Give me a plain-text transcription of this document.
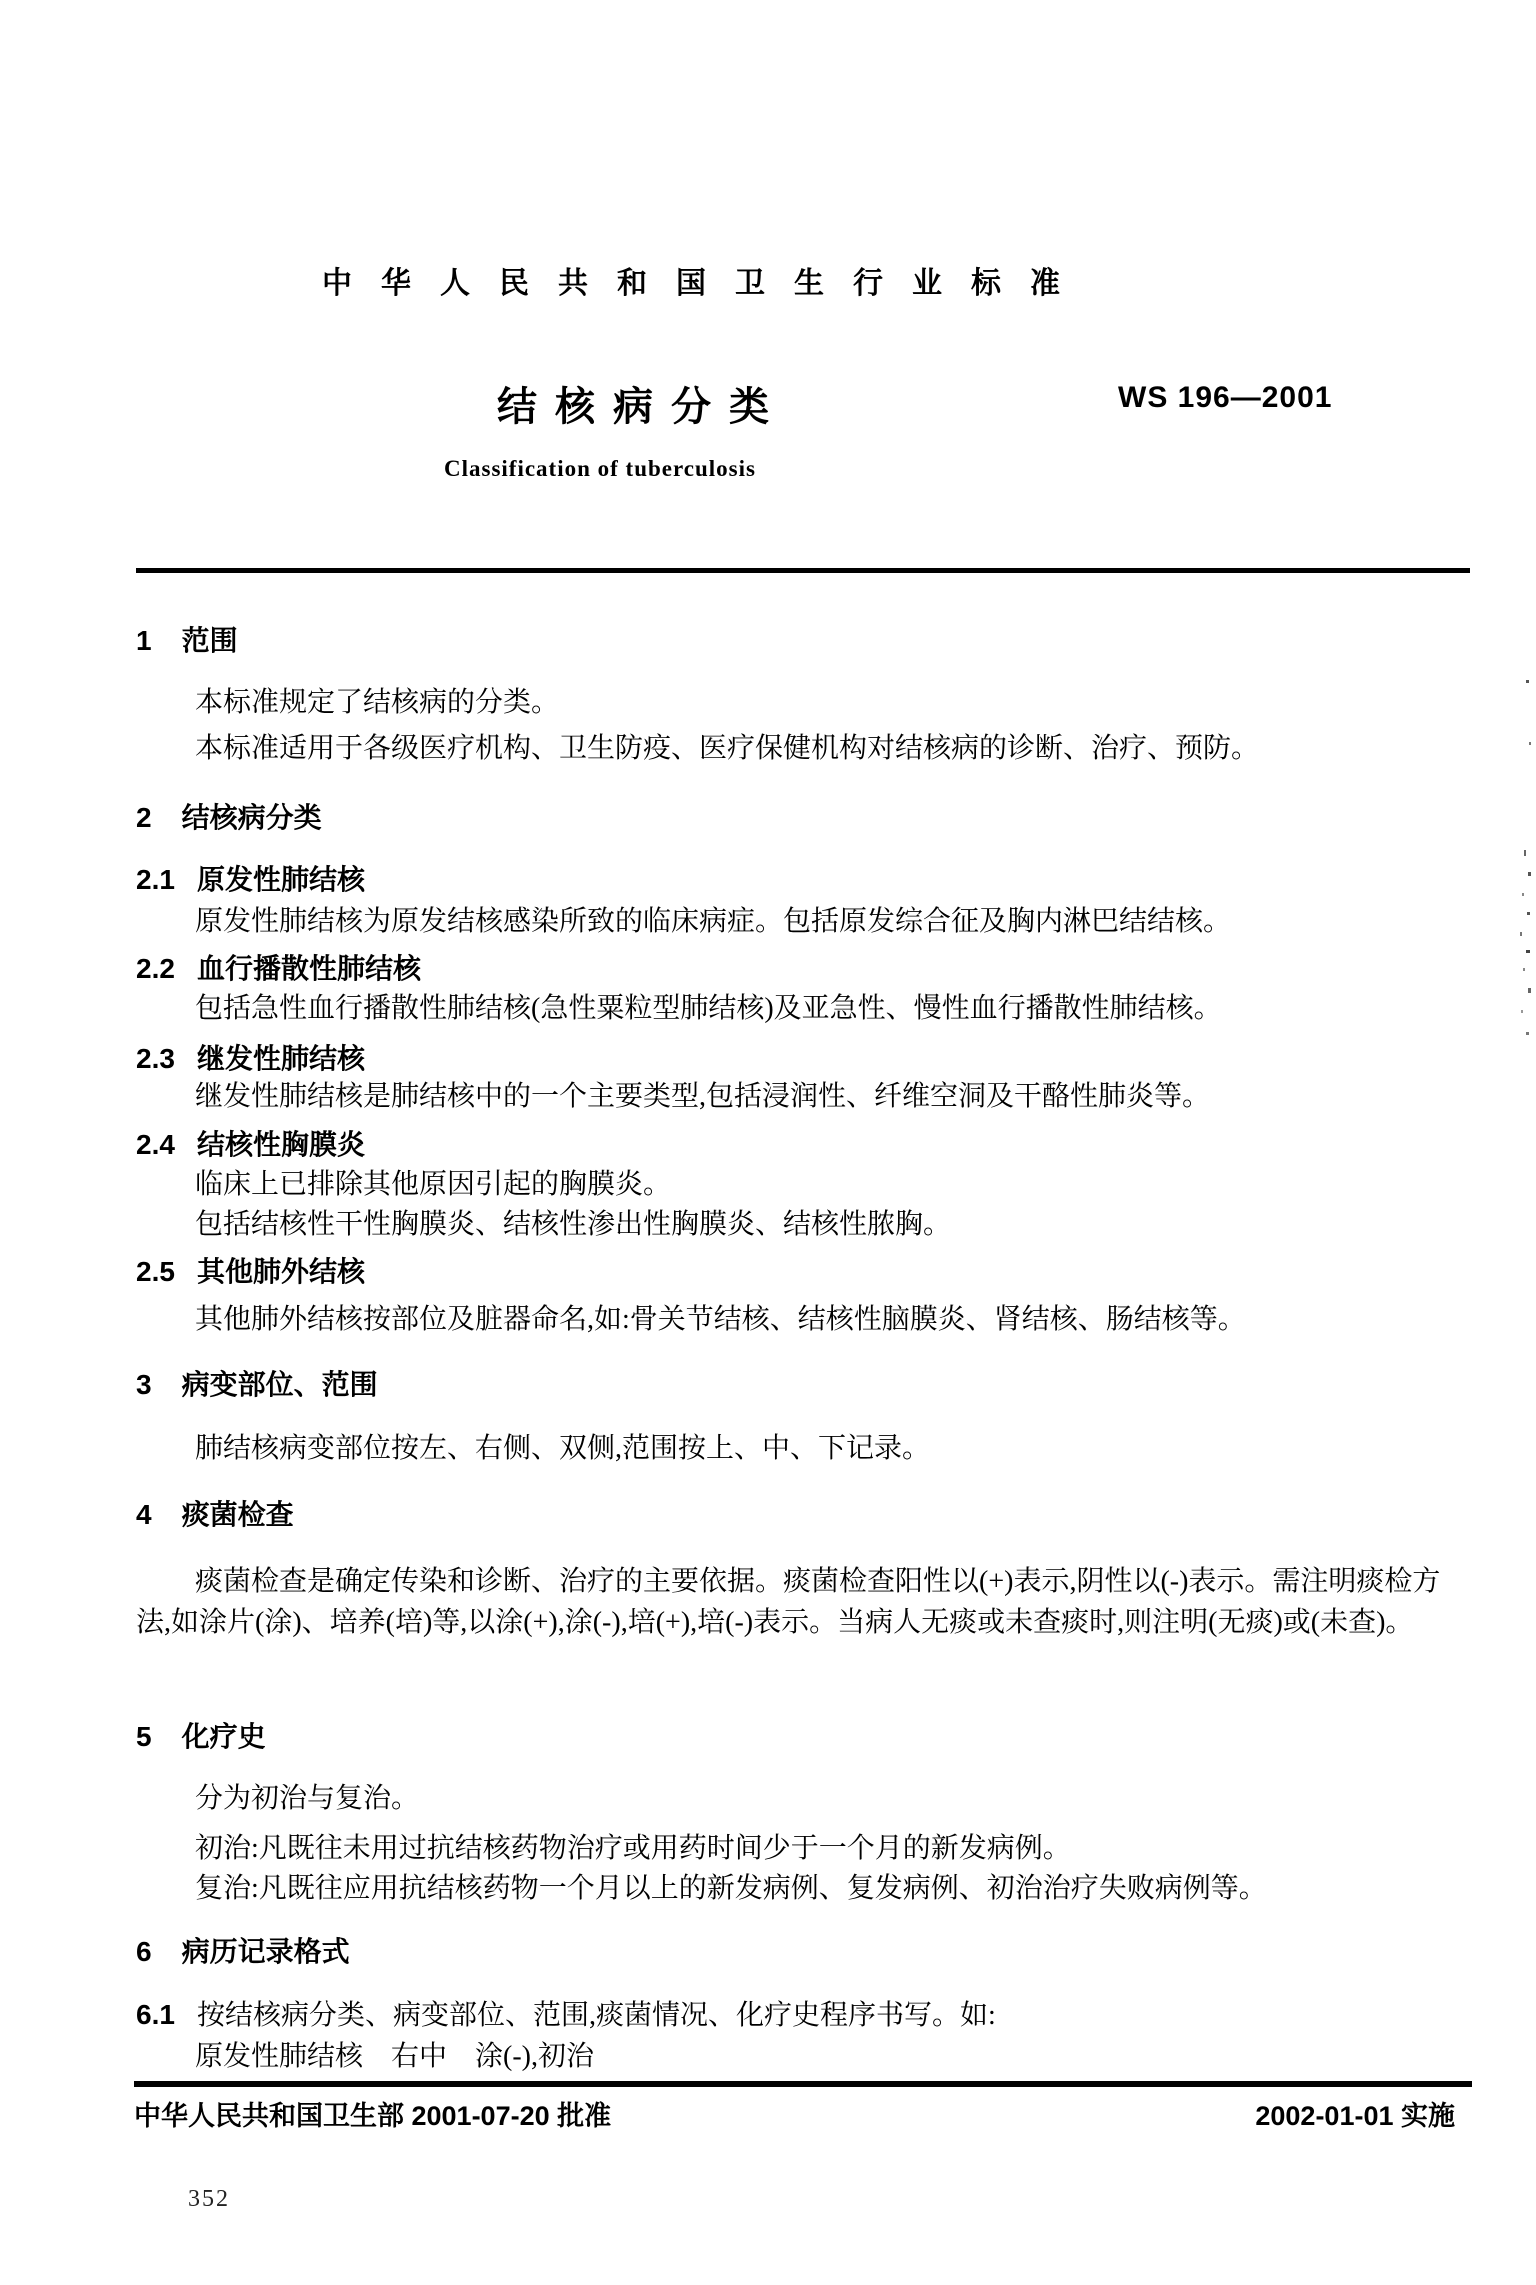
中华人民共和国卫生行业标准
结核病分类	WS 196—2001
Classification of tuberculosis
1 范围
本标准规定了结核病的分类。
本标准适用于各级医疗机构、卫生防疫、医疗保健机构对结核病的诊断、治疗、预防。
2 结核病分类
2.1 原发性肺结核
原发性肺结核为原发结核感染所致的临床病症。包括原发综合征及胸内淋巴结结核。
2.2 血行播散性肺结核
包括急性血行播散性肺结核(急性粟粒型肺结核)及亚急性、慢性血行播散性肺结核。
2.3 继发性肺结核
继发性肺结核是肺结核中的一个主要类型,包括浸润性、纤维空洞及干酪性肺炎等。
2.4 结核性胸膜炎
临床上已排除其他原因引起的胸膜炎。
包括结核性干性胸膜炎、结核性渗出性胸膜炎、结核性脓胸。
2.5 其他肺外结核
其他肺外结核按部位及脏器命名,如:骨关节结核、结核性脑膜炎、肾结核、肠结核等。
3 病变部位、范围
肺结核病变部位按左、右侧、双侧,范围按上、中、下记录。
4 痰菌检查
痰菌检查是确定传染和诊断、治疗的主要依据。痰菌检查阳性以(+)表示,阴性以(-)表示。需注明痰检方法,如涂片(涂)、培养(培)等,以涂(+),涂(-),培(+),培(-)表示。当病人无痰或未查痰时,则注明(无痰)或(未查)。
5 化疗史
分为初治与复治。
初治:凡既往未用过抗结核药物治疗或用药时间少于一个月的新发病例。
复治:凡既往应用抗结核药物一个月以上的新发病例、复发病例、初治治疗失败病例等。
6 病历记录格式
6.1 按结核病分类、病变部位、范围,痰菌情况、化疗史程序书写。如:
原发性肺结核　右中　涂(-),初治
中华人民共和国卫生部 2001-07-20 批准	2002-01-01 实施
352
